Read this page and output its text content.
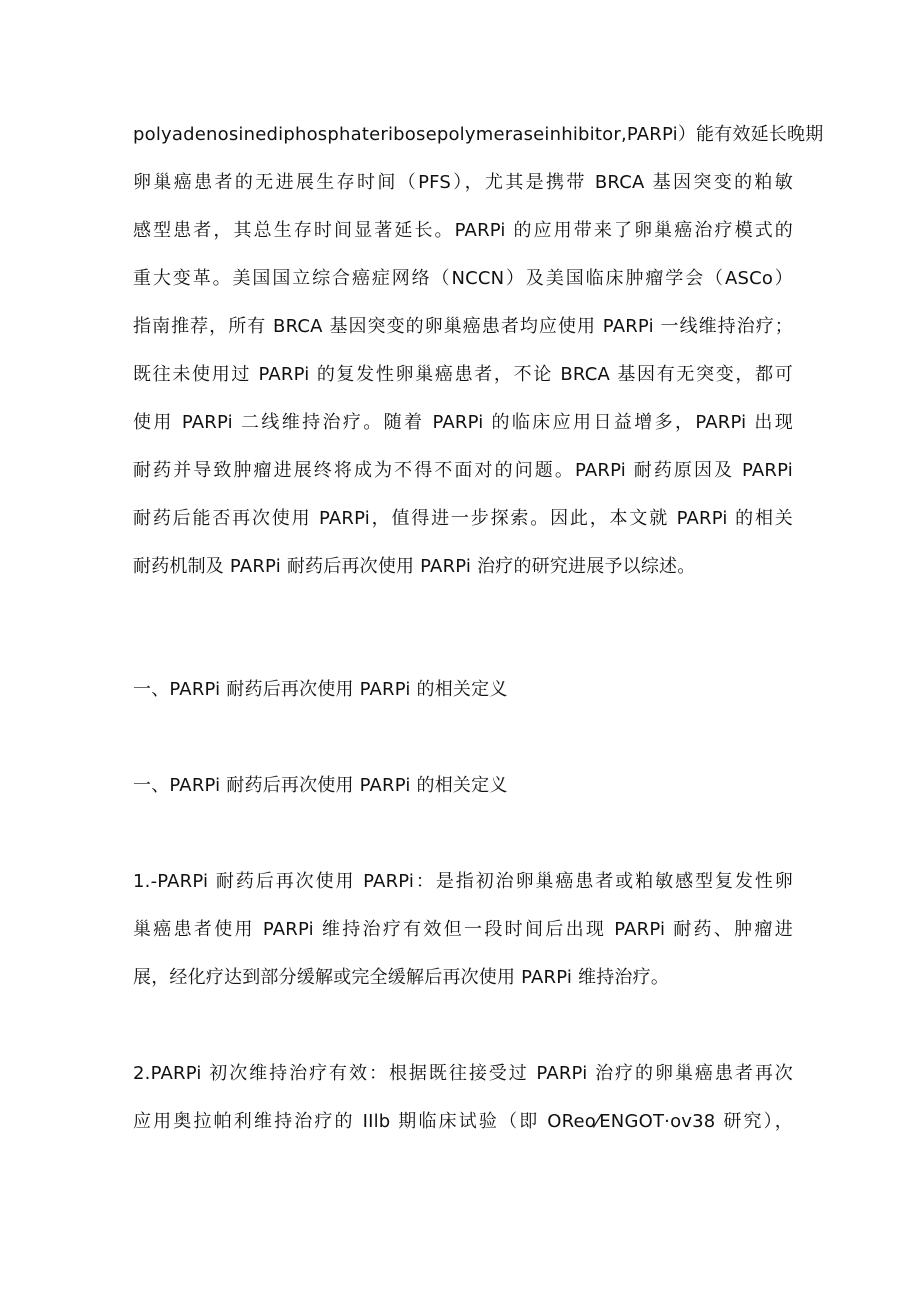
polyadenosinediphosphateribosepolymeraseinhibitor,PARPi）能有效延长晚期
卵巢癌患者的无进展生存时间（PFS），尤其是携带 BRCA 基因突变的粕敏
感型患者，其总生存时间显著延长。PARPi 的应用带来了卵巢癌治疗模式的
重大变革。美国国立综合癌症网络（NCCN）及美国临床肿瘤学会（ASCo）
指南推荐，所有 BRCA 基因突变的卵巢癌患者均应使用 PARPi 一线维持治疗；
既往未使用过 PARPi 的复发性卵巢癌患者，不论 BRCA 基因有无突变，都可
使用 PARPi 二线维持治疗。随着 PARPi 的临床应用日益增多，PARPi 出现
耐药并导致肿瘤进展终将成为不得不面对的问题。PARPi 耐药原因及 PARPi
耐药后能否再次使用 PARPi，值得进一步探索。因此，本文就 PARPi 的相关
耐药机制及 PARPi 耐药后再次使用 PARPi 治疗的研究进展予以综述。
一、PARPi 耐药后再次使用 PARPi 的相关定义
一、PARPi 耐药后再次使用 PARPi 的相关定义
1.-PARPi 耐药后再次使用 PARPi：是指初治卵巢癌患者或粕敏感型复发性卵
巢癌患者使用 PARPi 维持治疗有效但一段时间后出现 PARPi 耐药、肿瘤进
展，经化疗达到部分缓解或完全缓解后再次使用 PARPi 维持治疗。
2.PARPi 初次维持治疗有效：根据既往接受过 PARPi 治疗的卵巢癌患者再次
应用奥拉帕利维持治疗的 IIlb 期临床试验（即 OReo⁄ENGOT·ov38 研究），
